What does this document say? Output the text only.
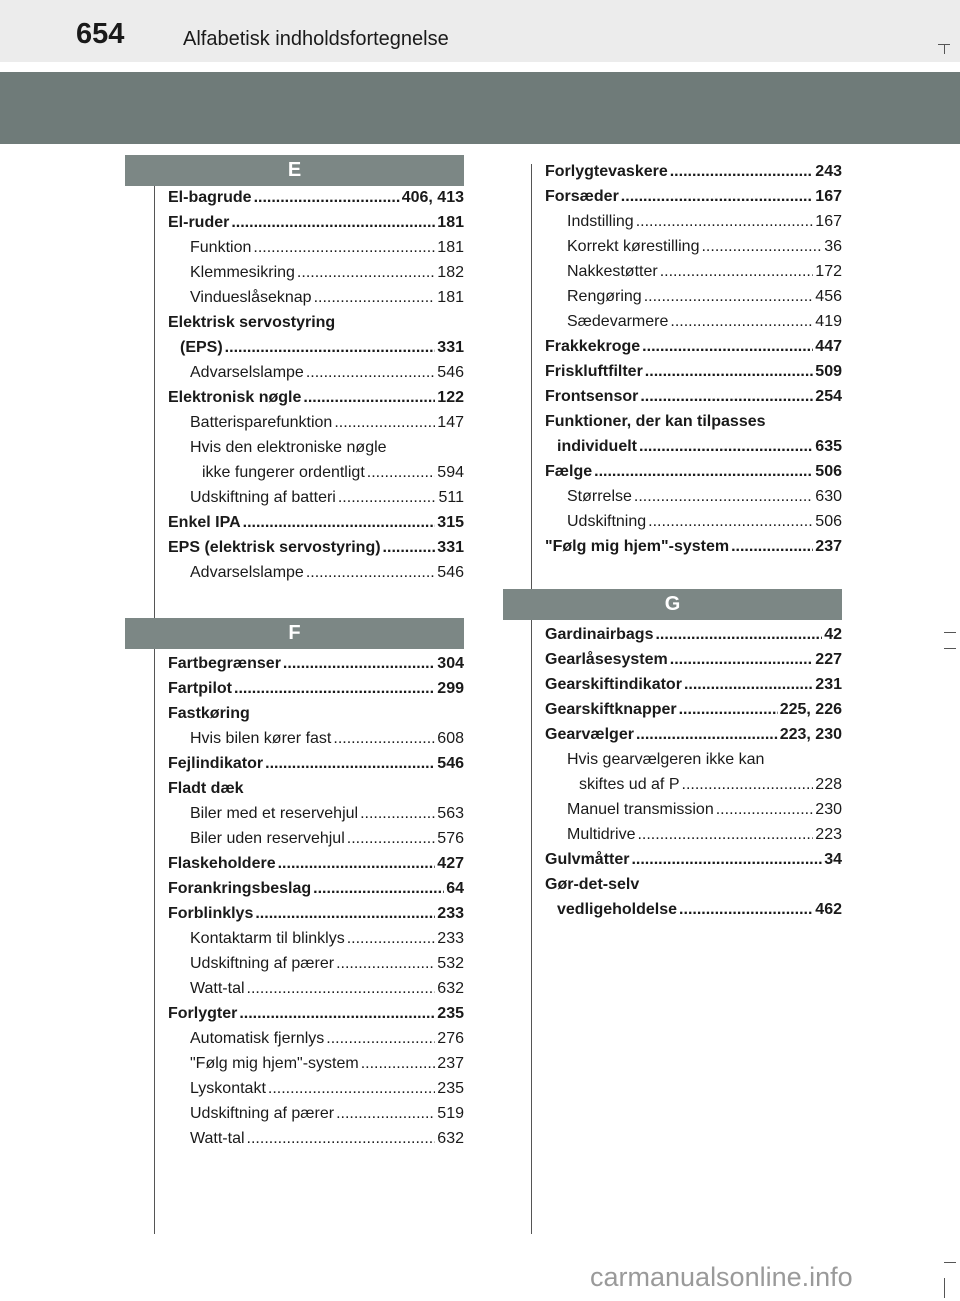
654	Alfabetisk indholdsfortegnelse
E
F
G
El-bagrude .....	406, 413
El-ruder .....	181
Funktion .....	181
Klemmesikring .....	182
Vindueslåseknap .....	181
Elektrisk servostyring
(EPS) .....	331
Advarselslampe .....	546
Elektronisk nøgle .....	122
Batterisparefunktion .....	147
Hvis den elektroniske nøgle
ikke fungerer ordentligt .....	594
Udskiftning af batteri .....	511
Enkel IPA .....	315
EPS (elektrisk servostyring) .....	331
Advarselslampe .....	546
Fartbegrænser .....	304
Fartpilot .....	299
Fastkøring
Hvis bilen kører fast .....	608
Fejlindikator .....	546
Fladt dæk
Biler med et reservehjul .....	563
Biler uden reservehjul .....	576
Flaskeholdere .....	427
Forankringsbeslag .....	64
Forblinklys .....	233
Kontaktarm til blinklys .....	233
Udskiftning af pærer .....	532
Watt-tal .....	632
Forlygter .....	235
Automatisk fjernlys .....	276
"Følg mig hjem"-system .....	237
Lyskontakt .....	235
Udskiftning af pærer .....	519
Watt-tal .....	632
Forlygtevaskere .....	243
Forsæder .....	167
Indstilling .....	167
Korrekt kørestilling .....	36
Nakkestøtter .....	172
Rengøring .....	456
Sædevarmere .....	419
Frakkekroge .....	447
Friskluftfilter .....	509
Frontsensor .....	254
Funktioner, der kan tilpasses
individuelt .....	635
Fælge .....	506
Størrelse .....	630
Udskiftning .....	506
"Følg mig hjem"-system .....	237
Gardinairbags .....	42
Gearlåsesystem .....	227
Gearskiftindikator .....	231
Gearskiftknapper .....	225, 226
Gearvælger .....	223, 230
Hvis gearvælgeren ikke kan
skiftes ud af P .....	228
Manuel transmission .....	230
Multidrive .....	223
Gulvmåtter .....	34
Gør-det-selv
vedligeholdelse .....	462
carmanualsonline.info
